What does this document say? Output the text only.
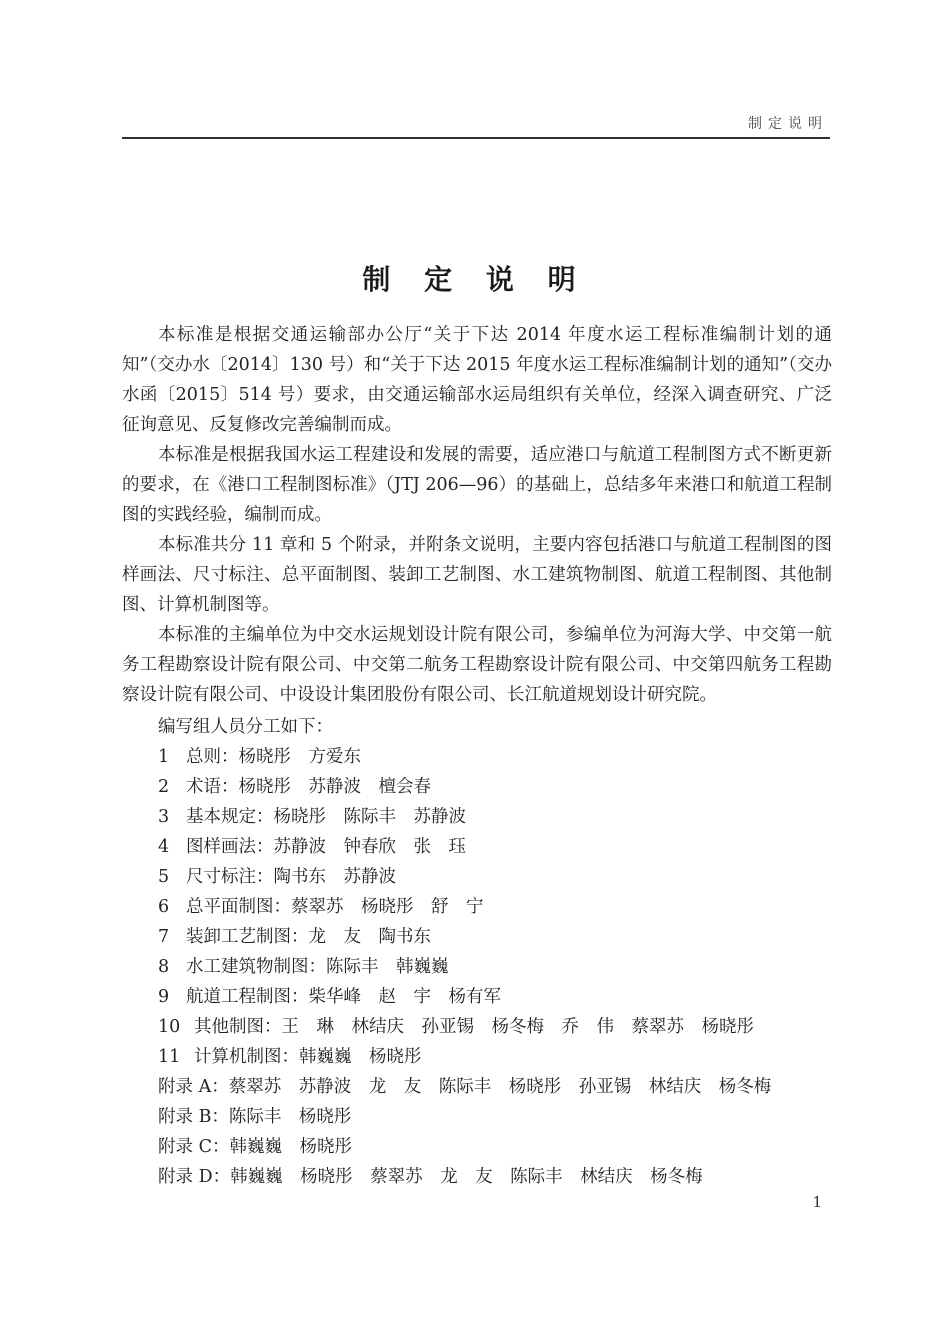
制定说明
制 定 说 明

本标准是根据交通运输部办公厅“关于下达 2014 年度水运工程标准编制计划的通知”（交办水〔2014〕130 号）和“关于下达 2015 年度水运工程标准编制计划的通知”（交办水函〔2015〕514 号）要求，由交通运输部水运局组织有关单位，经深入调查研究、广泛征询意见、反复修改完善编制而成。

本标准是根据我国水运工程建设和发展的需要，适应港口与航道工程制图方式不断更新的要求，在《港口工程制图标准》（JTJ 206—96）的基础上，总结多年来港口和航道工程制图的实践经验，编制而成。

本标准共分 11 章和 5 个附录，并附条文说明，主要内容包括港口与航道工程制图的图样画法、尺寸标注、总平面制图、装卸工艺制图、水工建筑物制图、航道工程制图、其他制图、计算机制图等。

本标准的主编单位为中交水运规划设计院有限公司，参编单位为河海大学、中交第一航务工程勘察设计院有限公司、中交第二航务工程勘察设计院有限公司、中交第四航务工程勘察设计院有限公司、中设设计集团股份有限公司、长江航道规划设计研究院。

编写组人员分工如下：
1 总则：杨晓彤　方爱东
2 术语：杨晓彤　苏静波　檀会春
3 基本规定：杨晓彤　陈际丰　苏静波
4 图样画法：苏静波　钟春欣　张　珏
5 尺寸标注：陶书东　苏静波
6 总平面制图：蔡翠苏　杨晓彤　舒　宁
7 装卸工艺制图：龙　友　陶书东
8 水工建筑物制图：陈际丰　韩巍巍
9 航道工程制图：柴华峰　赵　宇　杨有军
10 其他制图：王　琳　林结庆　孙亚锡　杨冬梅　乔　伟　蔡翠苏　杨晓彤
11 计算机制图：韩巍巍　杨晓彤
附录 A：蔡翠苏　苏静波　龙　友　陈际丰　杨晓彤　孙亚锡　林结庆　杨冬梅
附录 B：陈际丰　杨晓彤
附录 C：韩巍巍　杨晓彤
附录 D：韩巍巍　杨晓彤　蔡翠苏　龙　友　陈际丰　林结庆　杨冬梅
1
